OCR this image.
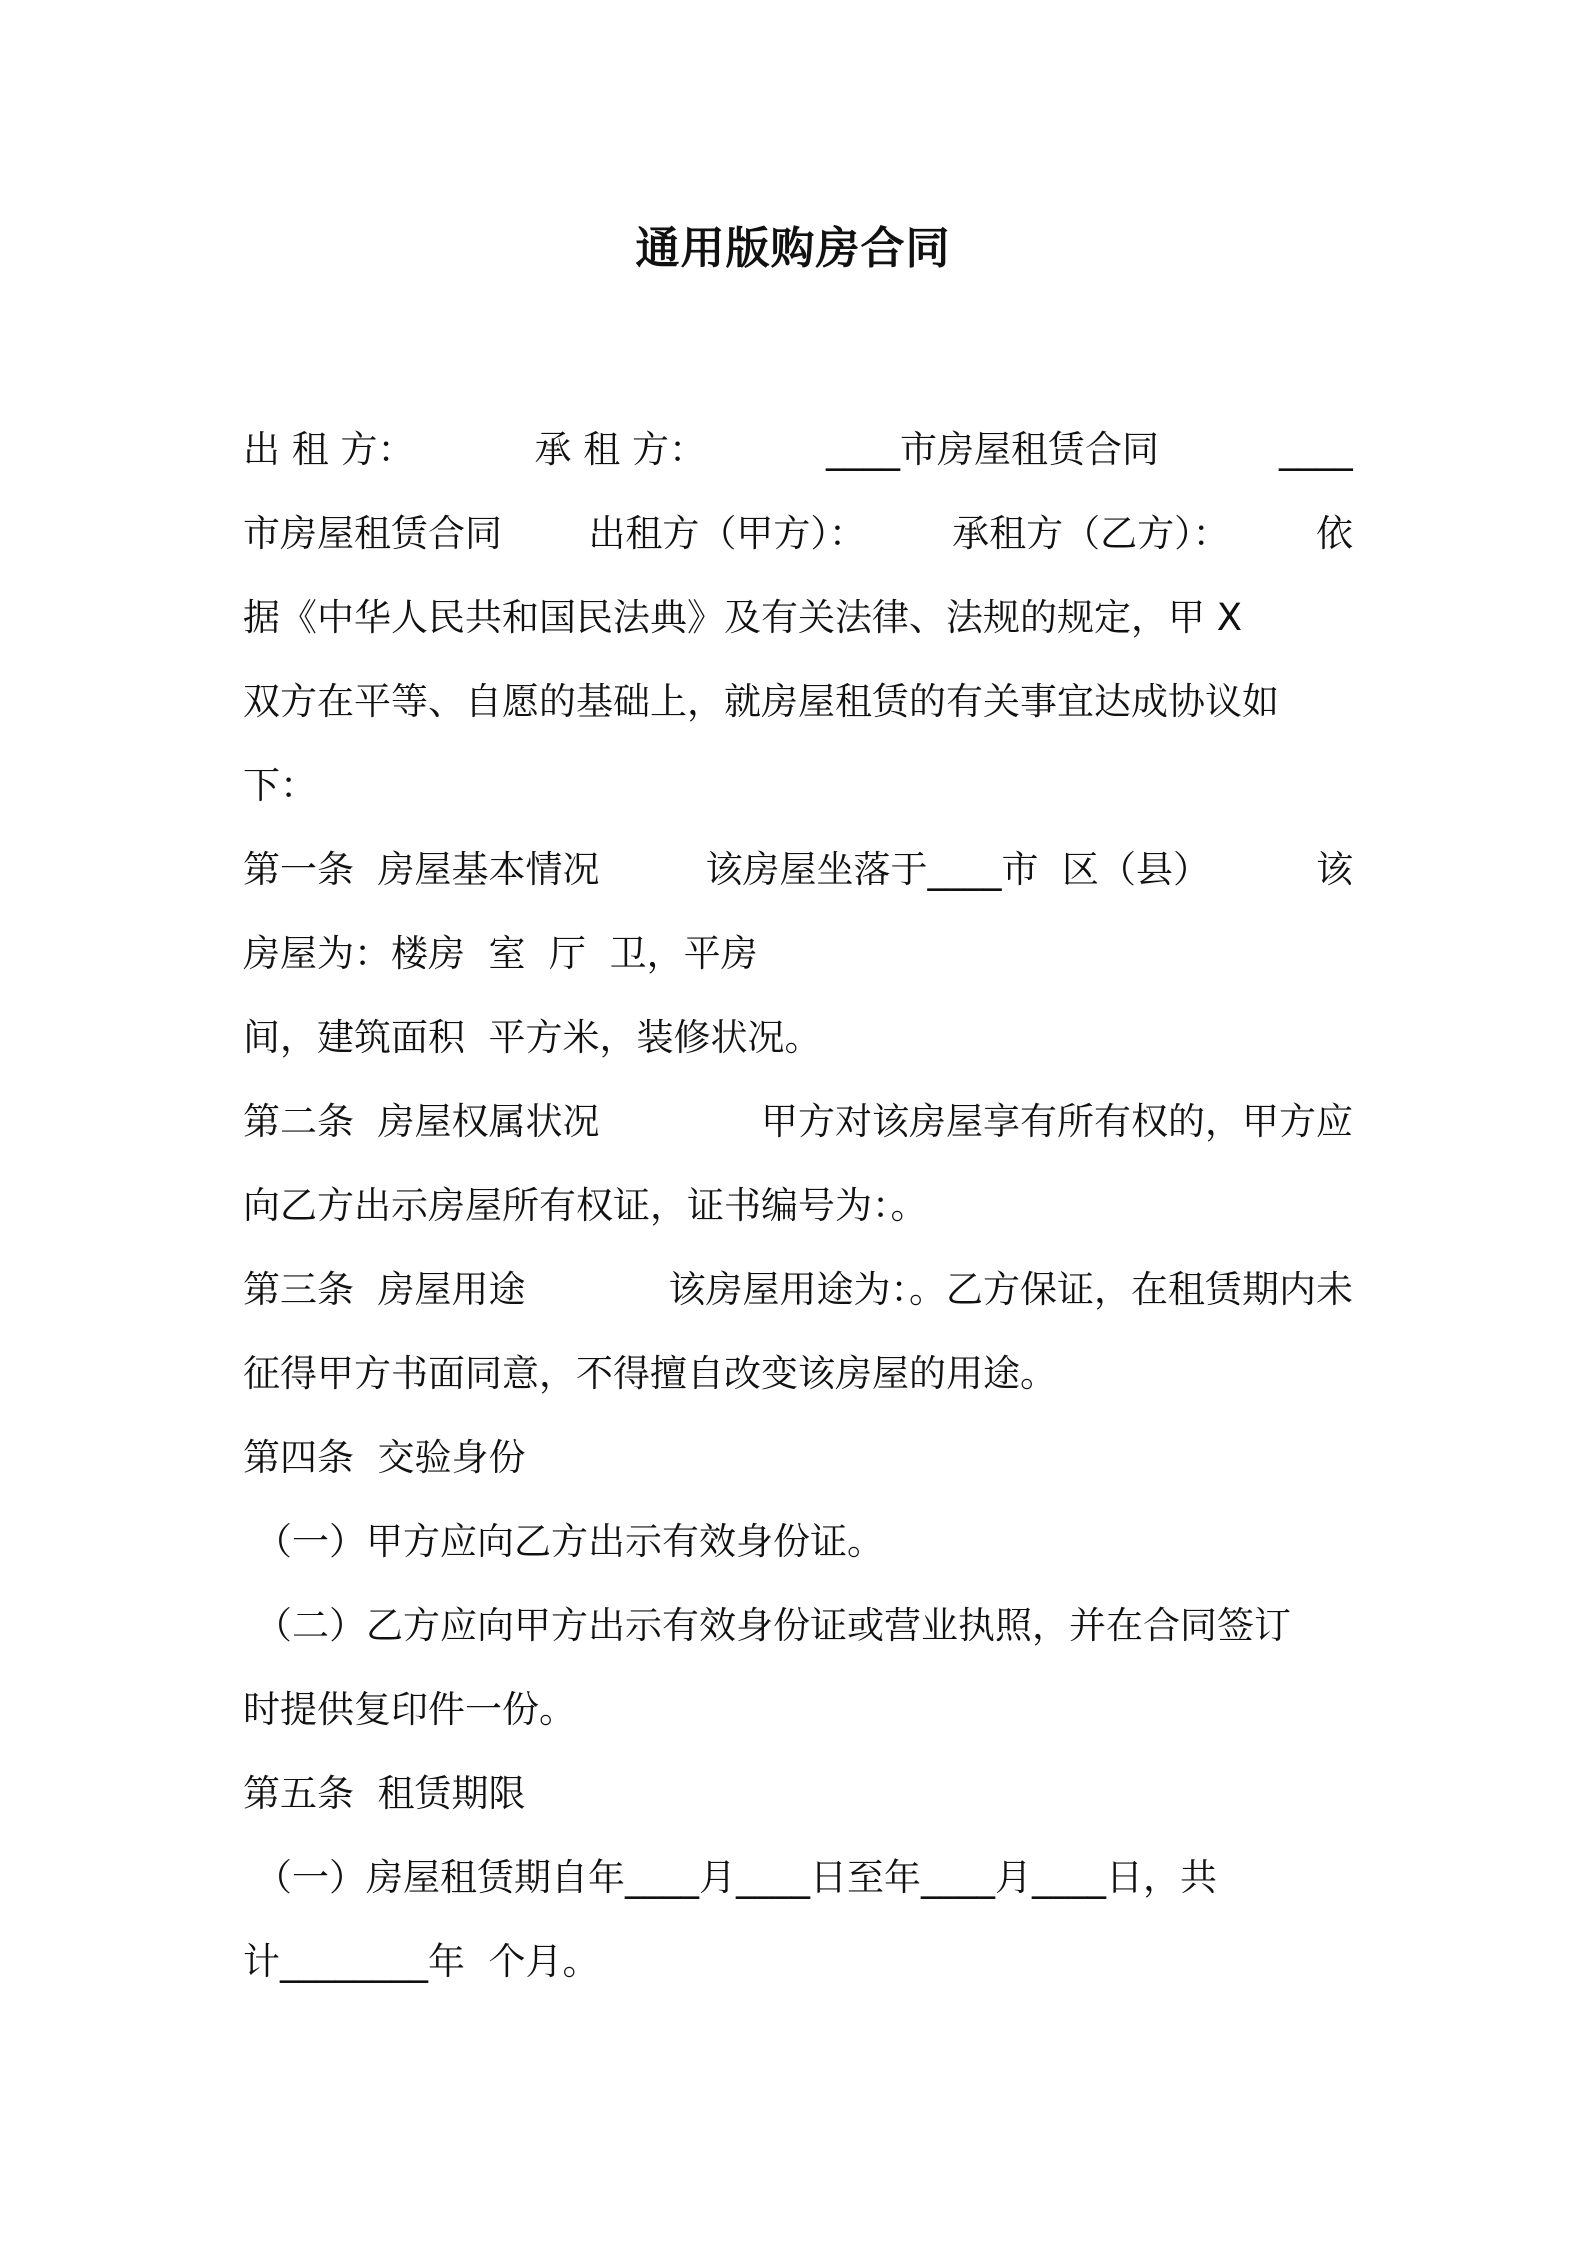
通用版购房合同
出 租 方：	承 租 方：	____市房屋租赁合同	____
市房屋租赁合同 出租方（甲方）： 承租方（乙方）： 依
据《中华人民共和国民法典》及有关法律、法规的规定，甲 X
双方在平等、自愿的基础上，就房屋租赁的有关事宜达成协议如
下：
第一条  房屋基本情况	该房屋坐落于____市  区（县）	该
房屋为：楼房  室  厅  卫，平房
间，建筑面积  平方米，装修状况。
第二条  房屋权属状况	甲方对该房屋享有所有权的，甲方应
向乙方出示房屋所有权证，证书编号为：。
第三条  房屋用途	该房屋用途为：。乙方保证，在租赁期内未
征得甲方书面同意，不得擅自改变该房屋的用途。
第四条  交验身份
（一）甲方应向乙方出示有效身份证。
（二）乙方应向甲方出示有效身份证或营业执照，并在合同签订
时提供复印件一份。
第五条  租赁期限
（一）房屋租赁期自年____月____日至年____月____日，共
计________年  个月。
